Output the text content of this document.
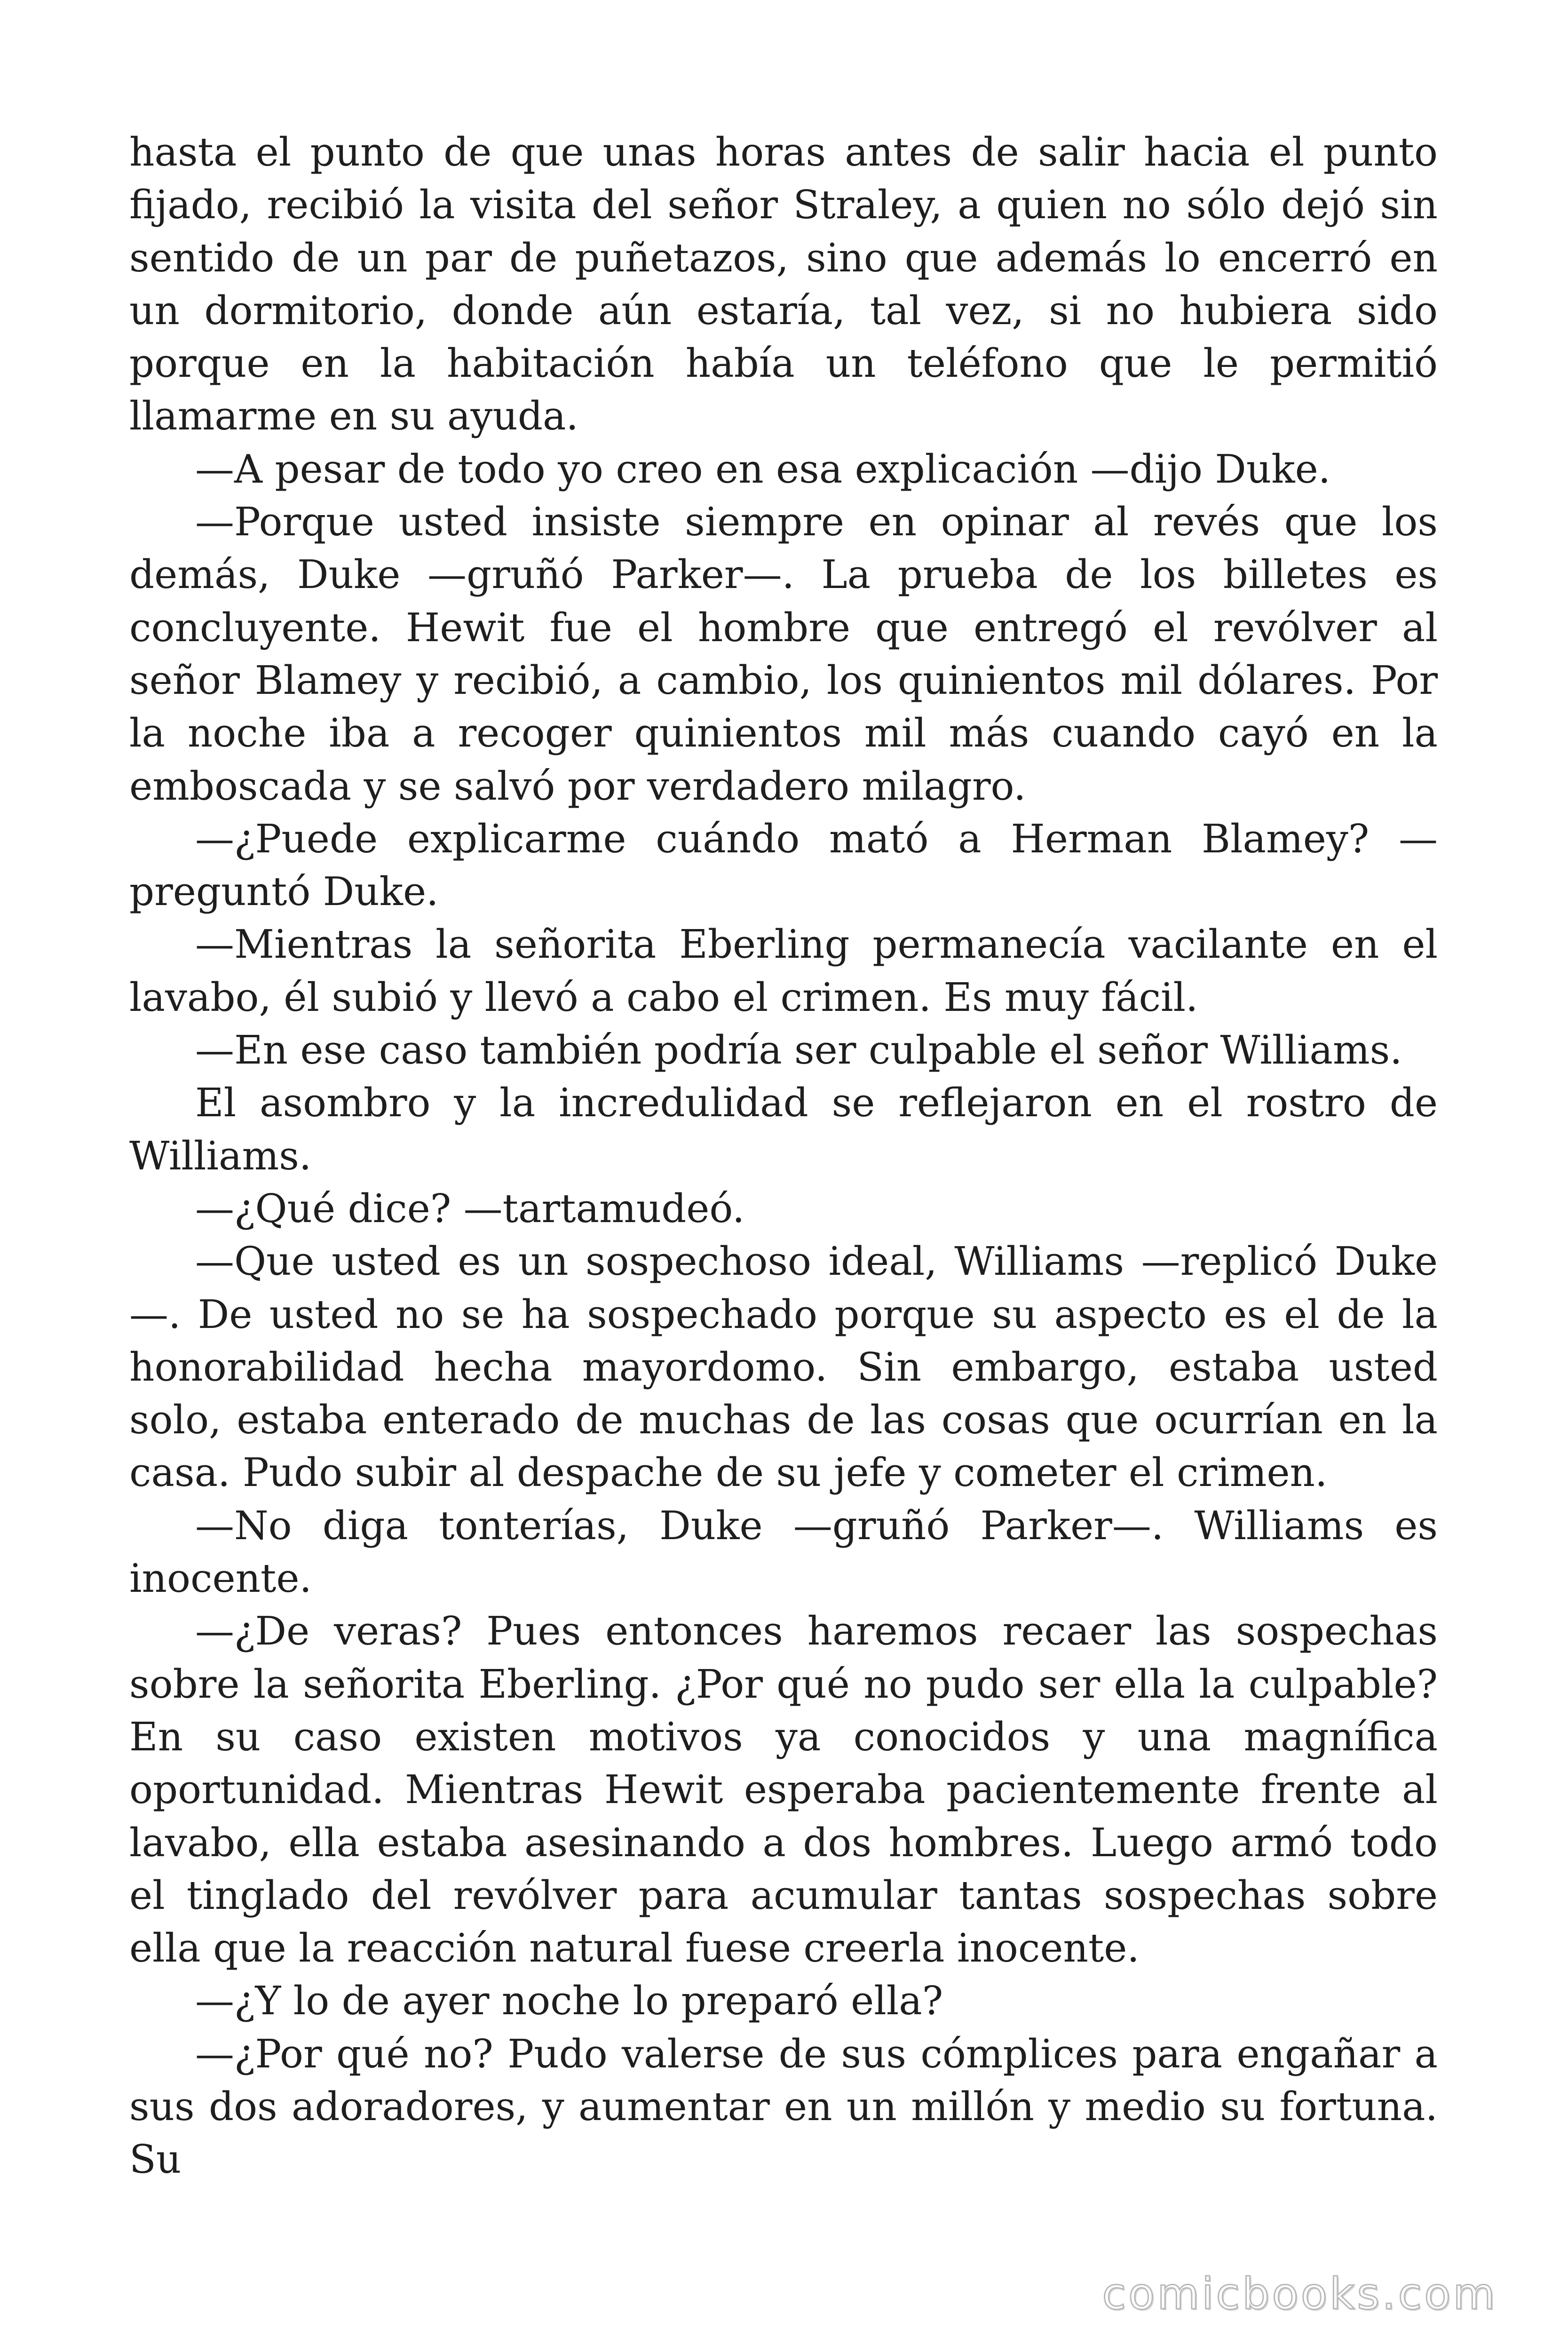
hasta el punto de que unas horas antes de salir hacia el punto fijado, recibió la visita del señor Straley, a quien no sólo dejó sin sentido de un par de puñetazos, sino que además lo encerró en un dormitorio, donde aún estaría, tal vez, si no hubiera sido porque en la habitación había un teléfono que le permitió llamarme en su ayuda.

—A pesar de todo yo creo en esa explicación —dijo Duke.

—Porque usted insiste siempre en opinar al revés que los demás, Duke —gruñó Parker—. La prueba de los billetes es concluyente. Hewit fue el hombre que entregó el revólver al señor Blamey y recibió, a cambio, los quinientos mil dólares. Por la noche iba a recoger quinientos mil más cuando cayó en la emboscada y se salvó por verdadero milagro.

—¿Puede explicarme cuándo mató a Herman Blamey? —preguntó Duke.

—Mientras la señorita Eberling permanecía vacilante en el lavabo, él subió y llevó a cabo el crimen. Es muy fácil.

—En ese caso también podría ser culpable el señor Williams.

El asombro y la incredulidad se reflejaron en el rostro de Williams.

—¿Qué dice? —tartamudeó.

—Que usted es un sospechoso ideal, Williams —replicó Duke—. De usted no se ha sospechado porque su aspecto es el de la honorabilidad hecha mayordomo. Sin embargo, estaba usted solo, estaba enterado de muchas de las cosas que ocurrían en la casa. Pudo subir al despache de su jefe y cometer el crimen.

—No diga tonterías, Duke —gruñó Parker—. Williams es inocente.

—¿De veras? Pues entonces haremos recaer las sospechas sobre la señorita Eberling. ¿Por qué no pudo ser ella la culpable? En su caso existen motivos ya conocidos y una magnífica oportunidad. Mientras Hewit esperaba pacientemente frente al lavabo, ella estaba asesinando a dos hombres. Luego armó todo el tinglado del revólver para acumular tantas sospechas sobre ella que la reacción natural fuese creerla inocente.

—¿Y lo de ayer noche lo preparó ella?

—¿Por qué no? Pudo valerse de sus cómplices para engañar a sus dos adoradores, y aumentar en un millón y medio su fortuna. Su

comicbooks.com
